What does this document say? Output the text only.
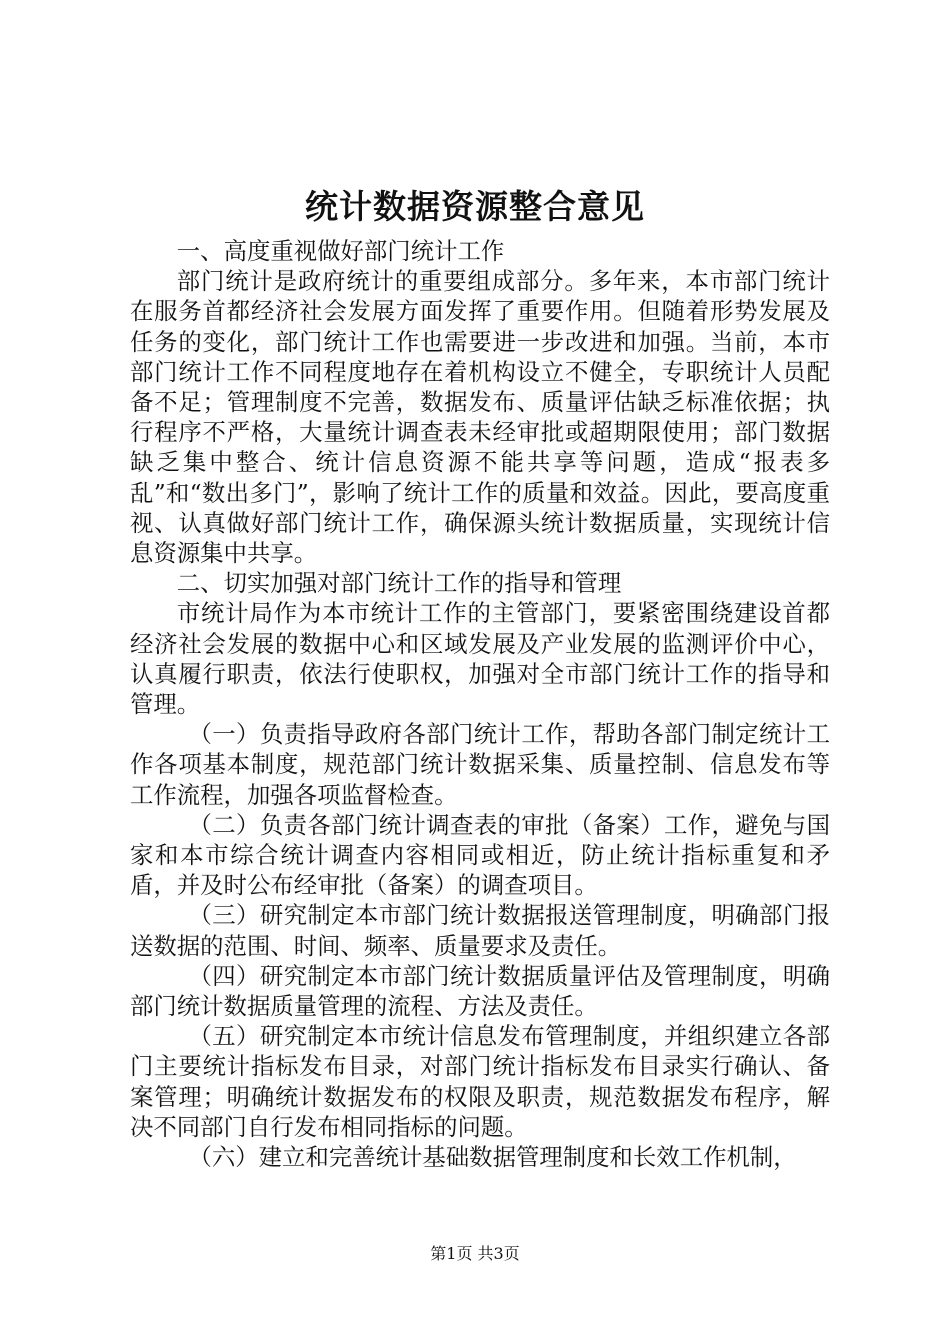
统计数据资源整合意见

一、高度重视做好部门统计工作

部门统计是政府统计的重要组成部分。多年来，本市部门统计在服务首都经济社会发展方面发挥了重要作用。但随着形势发展及任务的变化，部门统计工作也需要进一步改进和加强。当前，本市部门统计工作不同程度地存在着机构设立不健全，专职统计人员配备不足；管理制度不完善，数据发布、质量评估缺乏标准依据；执行程序不严格，大量统计调查表未经审批或超期限使用；部门数据缺乏集中整合、统计信息资源不能共享等问题，造成“报表多乱”和“数出多门”，影响了统计工作的质量和效益。因此，要高度重视、认真做好部门统计工作，确保源头统计数据质量，实现统计信息资源集中共享。

二、切实加强对部门统计工作的指导和管理

市统计局作为本市统计工作的主管部门，要紧密围绕建设首都经济社会发展的数据中心和区域发展及产业发展的监测评价中心，认真履行职责，依法行使职权，加强对全市部门统计工作的指导和管理。

（一）负责指导政府各部门统计工作，帮助各部门制定统计工作各项基本制度，规范部门统计数据采集、质量控制、信息发布等工作流程，加强各项监督检查。

（二）负责各部门统计调查表的审批（备案）工作，避免与国家和本市综合统计调查内容相同或相近，防止统计指标重复和矛盾，并及时公布经审批（备案）的调查项目。

（三）研究制定本市部门统计数据报送管理制度，明确部门报送数据的范围、时间、频率、质量要求及责任。

（四）研究制定本市部门统计数据质量评估及管理制度，明确部门统计数据质量管理的流程、方法及责任。

（五）研究制定本市统计信息发布管理制度，并组织建立各部门主要统计指标发布目录，对部门统计指标发布目录实行确认、备案管理；明确统计数据发布的权限及职责，规范数据发布程序，解决不同部门自行发布相同指标的问题。

（六）建立和完善统计基础数据管理制度和长效工作机制，

第1页 共3页
